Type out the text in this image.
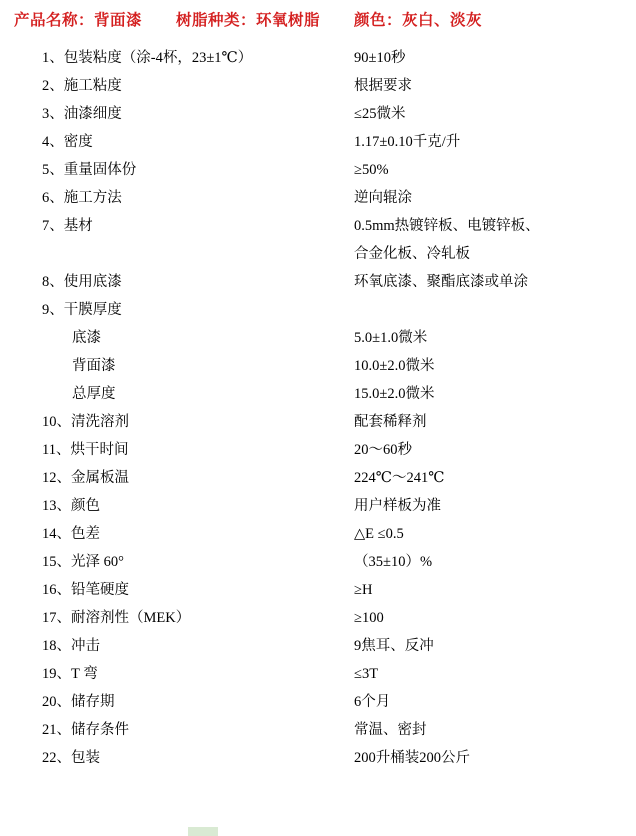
产品名称：背面漆 树脂种类：环氧树脂 颜色：灰白、淡灰
1、包装粘度（涂-4杯，23±1℃）	90±10秒
2、施工粘度	根据要求
3、油漆细度	≤25微米
4、密度	1.17±0.10千克/升
5、重量固体份	≥50%
6、施工方法	逆向辊涂
7、基材	0.5mm热镀锌板、电镀锌板、
合金化板、冷轧板
8、使用底漆	环氧底漆、聚酯底漆或单涂
9、干膜厚度
底漆	5.0±1.0微米
背面漆	10.0±2.0微米
总厚度	15.0±2.0微米
10、清洗溶剂	配套稀释剂
11、烘干时间	20～60秒
12、金属板温	224℃～241℃
13、颜色	用户样板为准
14、色差	△E ≤0.5
15、光泽 60°	（35±10）%
16、铅笔硬度	≥H
17、耐溶剂性（MEK）	≥100
18、冲击	9焦耳、反冲
19、T 弯	≤3T
20、储存期	6个月
21、储存条件	常温、密封
22、包装	200升桶装200公斤
